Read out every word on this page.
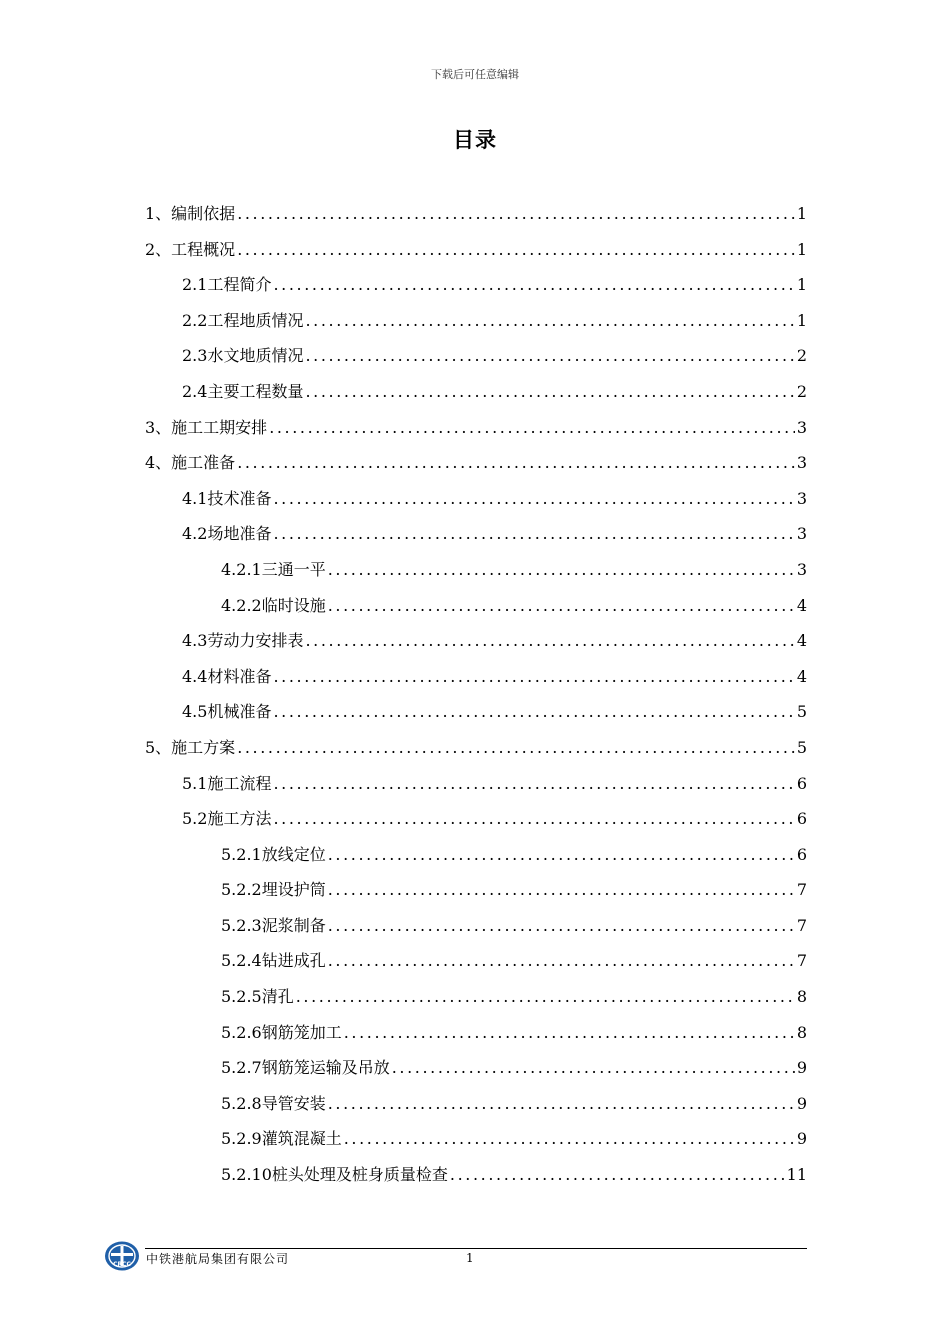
下载后可任意编辑
目录
1、编制依据 .....	1
2、工程概况 .....	1
2.1工程简介 .....	1
2.2工程地质情况 .....	1
2.3水文地质情况 .....	2
2.4主要工程数量 .....	2
3、施工工期安排 .....	3
4、施工准备 .....	3
4.1技术准备 .....	3
4.2场地准备 .....	3
4.2.1三通一平 .....	3
4.2.2临时设施 .....	4
4.3劳动力安排表 .....	4
4.4材料准备 .....	4
4.5机械准备 .....	5
5、施工方案 .....	5
5.1施工流程 .....	6
5.2施工方法 .....	6
5.2.1放线定位 .....	6
5.2.2埋设护筒 .....	7
5.2.3泥浆制备 .....	7
5.2.4钻进成孔 .....	7
5.2.5清孔 .....	8
5.2.6钢筋笼加工 .....	8
5.2.7钢筋笼运输及吊放 .....	9
5.2.8导管安装 .....	9
5.2.9灌筑混凝土 .....	9
5.2.10桩头处理及桩身质量检查 .....	11
CRCC 中铁港航局集团有限公司	1
